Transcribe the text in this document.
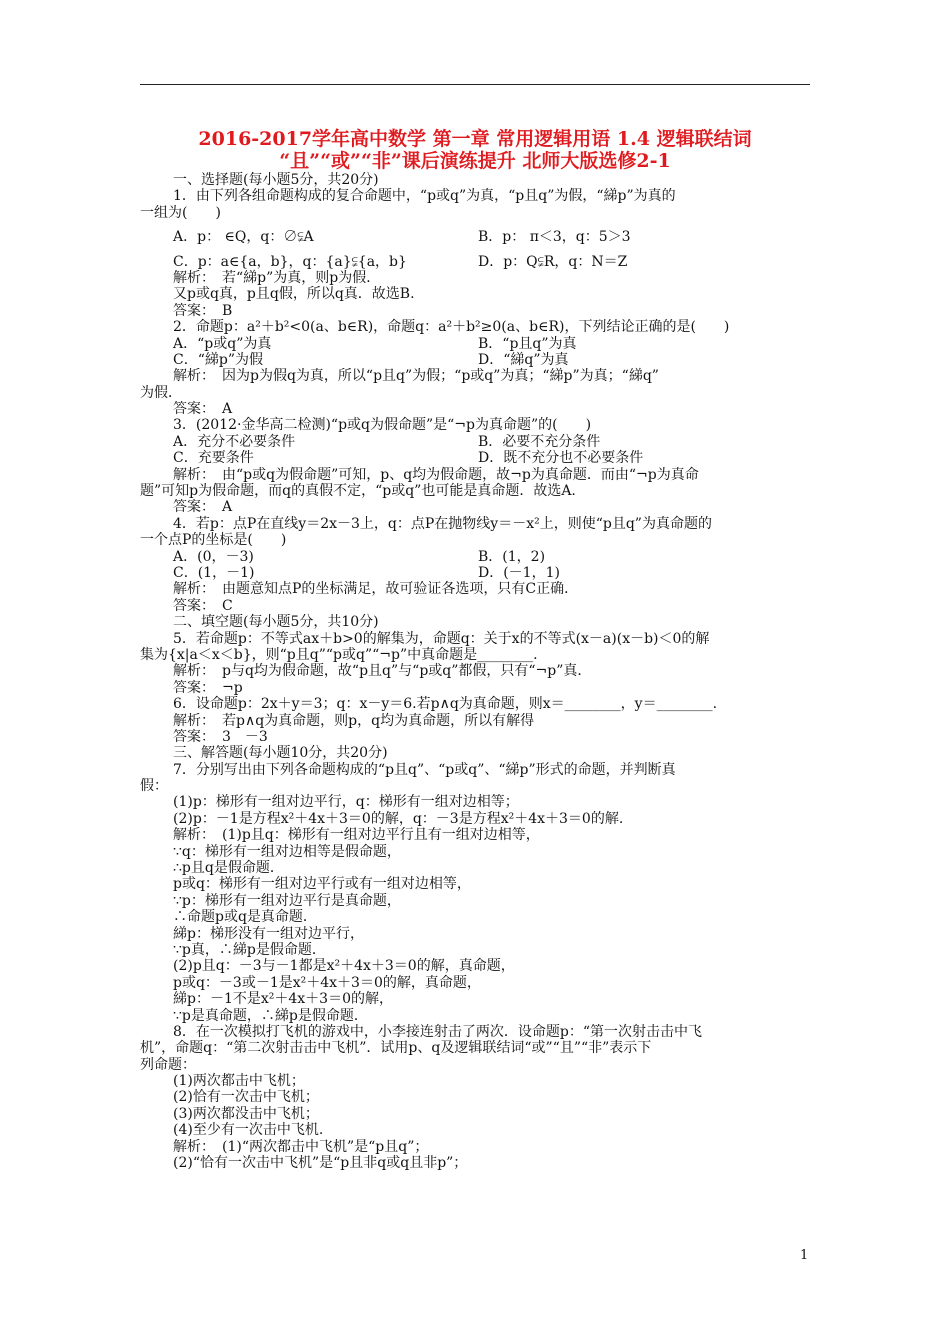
2016-2017学年高中数学 第一章 常用逻辑用语 1.4 逻辑联结词
“且”“或”“非”课后演练提升 北师大版选修2-1
一、选择题(每小题5分，共20分)
1．由下列各组命题构成的复合命题中，“p或q”为真，“p且q”为假，“綈p”为真的
一组为(　　)
A．p： ∈Q，q：∅⫋A	B．p： π＜3，q：5＞3
C．p：a∈{a，b}，q：{a}⫋{a，b}	D．p：Q⫋R，q：N＝Z
解析：　若“綈p”为真，则p为假．
又p或q真，p且q假，所以q真．故选B.
答案：　B
2．命题p：a²＋b²<0(a、b∈R)，命题q：a²＋b²≥0(a、b∈R)，下列结论正确的是(　　)
A．“p或q”为真	B．“p且q”为真
C．“綈p”为假	D．“綈q”为真
解析：　因为p为假q为真，所以“p且q”为假；“p或q”为真；“綈p”为真；“綈q”
为假．
答案：　A
3．(2012·金华高二检测)“p或q为假命题”是“¬p为真命题”的(　　)
A．充分不必要条件	B．必要不充分条件
C．充要条件	D．既不充分也不必要条件
解析：　由“p或q为假命题”可知，p、q均为假命题，故¬p为真命题．而由“¬p为真命
题”可知p为假命题，而q的真假不定，“p或q”也可能是真命题．故选A.
答案：　A
4．若p：点P在直线y＝2x－3上，q：点P在抛物线y＝－x²上，则使“p且q”为真命题的
一个点P的坐标是(　　)
A．(0，－3)	B．(1，2)
C．(1，－1)	D．(－1，1)
解析：　由题意知点P的坐标满足，故可验证各选项，只有C正确．
答案：　C
二、填空题(每小题5分，共10分)
5．若命题p：不等式ax＋b>0的解集为，命题q：关于x的不等式(x－a)(x－b)＜0的解
集为{x|a＜x＜b}，则“p且q”“p或q”“¬p”中真命题是________.
解析：　p与q均为假命题，故“p且q”与“p或q”都假，只有“¬p”真．
答案：　¬p
6．设命题p：2x＋y＝3；q：x－y＝6.若p∧q为真命题，则x＝________，y＝________.
解析：　若p∧q为真命题，则p，q均为真命题，所以有解得
答案：　3　－3
三、解答题(每小题10分，共20分)
7．分别写出由下列各命题构成的“p且q”、“p或q”、“綈p”形式的命题，并判断真
假：
(1)p：梯形有一组对边平行，q：梯形有一组对边相等；
(2)p：－1是方程x²＋4x＋3＝0的解，q：－3是方程x²＋4x＋3＝0的解.
解析：　(1)p且q：梯形有一组对边平行且有一组对边相等，
∵q：梯形有一组对边相等是假命题，
∴p且q是假命题．
p或q：梯形有一组对边平行或有一组对边相等，
∵p：梯形有一组对边平行是真命题，
∴命题p或q是真命题．
綈p：梯形没有一组对边平行，
∵p真，∴綈p是假命题．
(2)p且q：－3与－1都是x²＋4x＋3＝0的解，真命题，
p或q：－3或－1是x²＋4x＋3＝0的解，真命题，
綈p：－1不是x²＋4x＋3＝0的解，
∵p是真命题，∴綈p是假命题．
8．在一次模拟打飞机的游戏中，小李接连射击了两次．设命题p：“第一次射击击中飞
机”，命题q：“第二次射击击中飞机”．试用p、q及逻辑联结词“或”“且”“非”表示下
列命题：
(1)两次都击中飞机；
(2)恰有一次击中飞机；
(3)两次都没击中飞机；
(4)至少有一次击中飞机.
解析：　(1)“两次都击中飞机”是“p且q”；
(2)“恰有一次击中飞机”是“p且非q或q且非p”；
1
